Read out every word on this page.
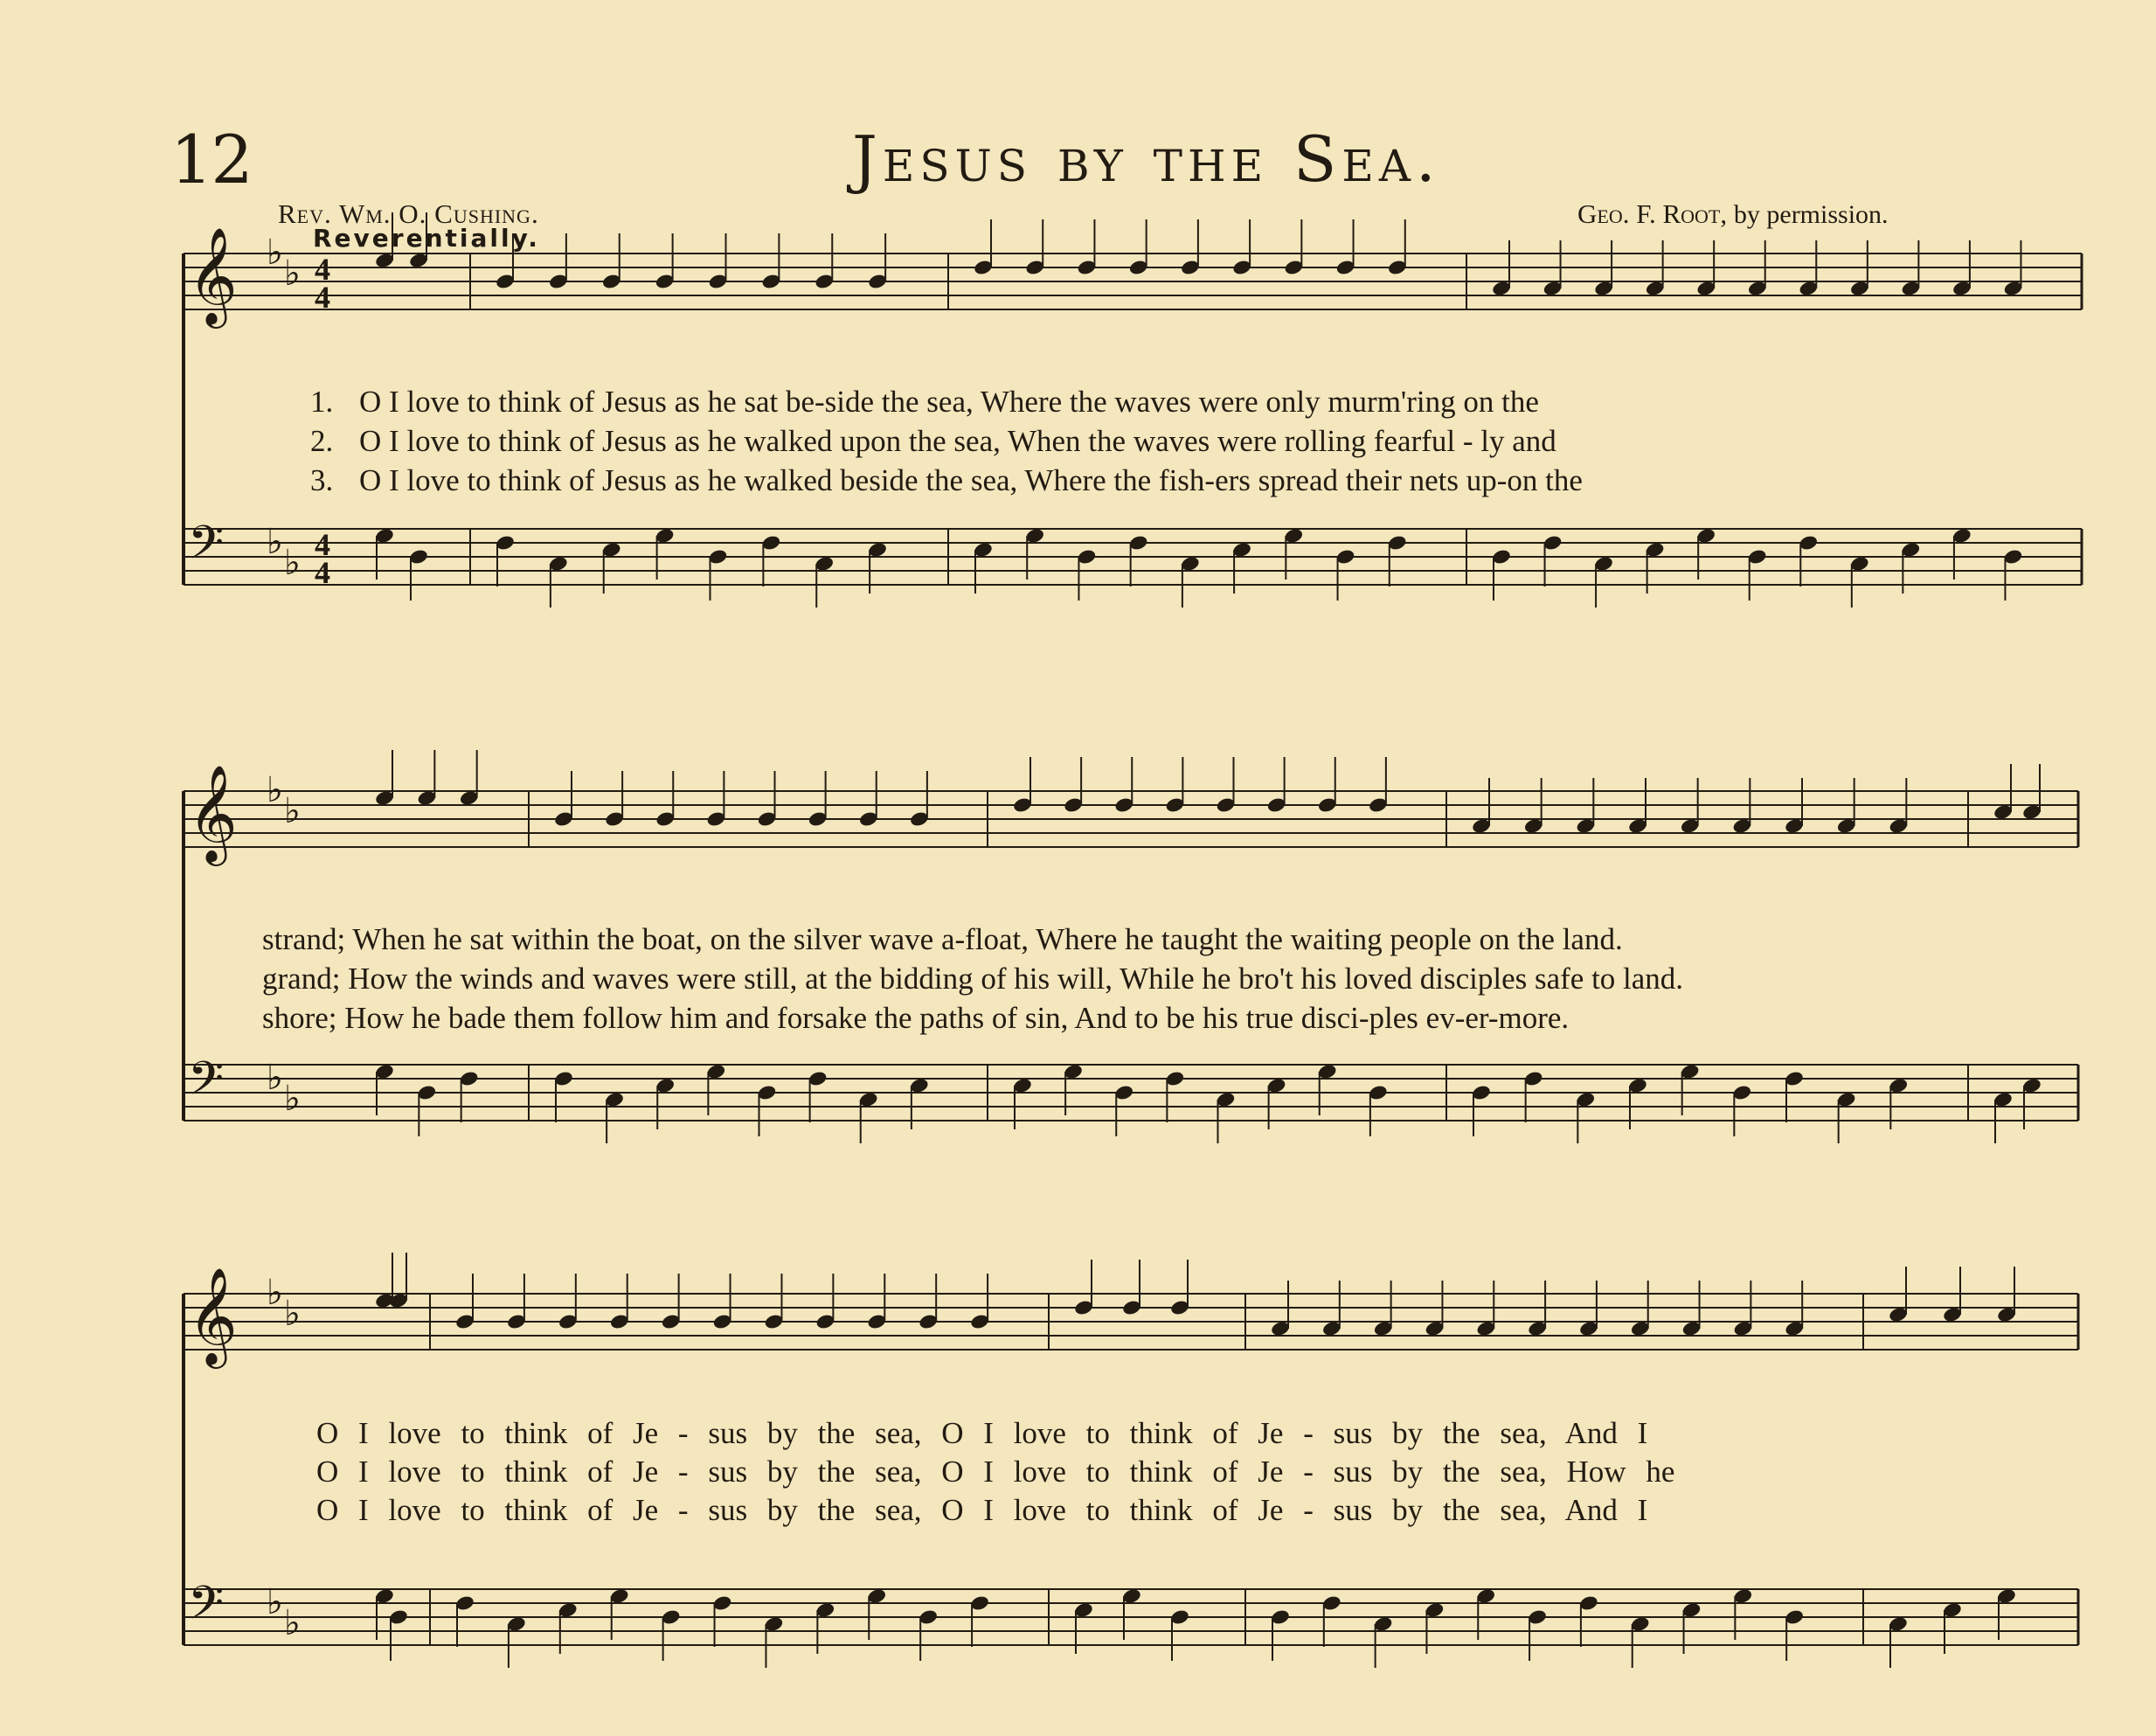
12	Jesus by the Sea.
Rev. Wm. O. Cushing.	Geo. F. Root, by permission.
Reverentially.
𝄞 ♭
♭ 4
4
𝄢 ♭
♭ 4
4
𝄞 ♭
♭
𝄢 ♭
♭
𝄞 ♭
♭
𝄢 ♭
♭
1. O I love to think of Jesus as he sat be-side the sea, Where the waves were only murm'ring on the
2. O I love to think of Jesus as he walked upon the sea, When the waves were rolling fearful - ly and
3. O I love to think of Jesus as he walked beside the sea, Where the fish-ers spread their nets up-on the
strand; When he sat within the boat, on the silver wave a-float, Where he taught the waiting people on the land.
grand; How the winds and waves were still, at the bidding of his will, While he bro't his loved disciples safe to land.
shore; How he bade them follow him and forsake the paths of sin, And to be his true disci-ples ev-er-more.
O I love to think of Je - sus by the sea, O I love to think of Je - sus by the sea, And I
O I love to think of Je - sus by the sea, O I love to think of Je - sus by the sea, How he
O I love to think of Je - sus by the sea, O I love to think of Je - sus by the sea, And I
